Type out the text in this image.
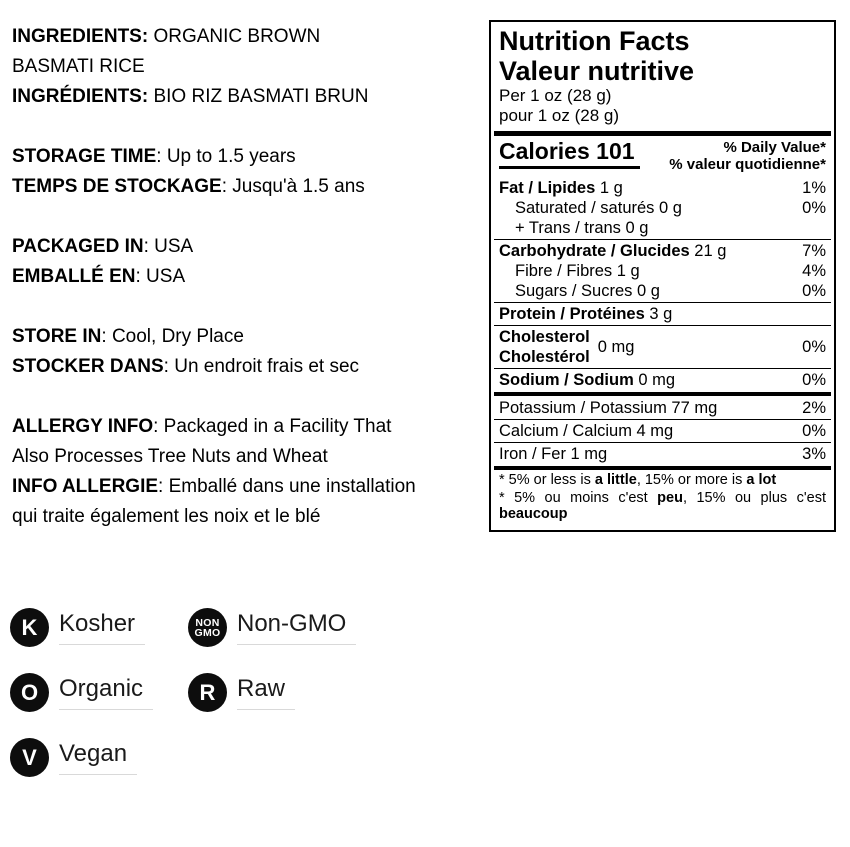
INGREDIENTS: ORGANIC BROWN
BASMATI RICE
INGRÉDIENTS: BIO RIZ BASMATI BRUN
STORAGE TIME: Up to 1.5 years
TEMPS DE STOCKAGE: Jusqu'à 1.5 ans
PACKAGED IN: USA
EMBALLÉ EN: USA
STORE IN: Cool, Dry Place
STOCKER DANS: Un endroit frais et sec
ALLERGY INFO: Packaged in a Facility That
Also Processes Tree Nuts and Wheat
INFO ALLERGIE: Emballé dans une installation
qui traite également les noix et le blé
Nutrition Facts
Valeur nutritive
Per 1 oz (28 g)
pour 1 oz (28 g)
Calories 101	% Daily Value*
% valeur quotidienne*
Fat / Lipides 1 g	1%
Saturated / saturés 0 g	0%
+ Trans / trans 0 g
Carbohydrate / Glucides 21 g	7%
Fibre / Fibres 1 g	4%
Sugars / Sucres 0 g	0%
Protein / Protéines 3 g
Cholesterol
Cholestérol
0 mg	0%
Sodium / Sodium 0 mg	0%
Potassium / Potassium 77 mg	2%
Calcium / Calcium 4 mg	0%
Iron / Fer 1 mg	3%
* 5% or less is a little, 15% or more is a lot
* 5% ou moins c'est peu, 15% ou plus c'est beaucoup
K Kosher	NON
GMO Non-GMO
O Organic	R Raw
V Vegan
